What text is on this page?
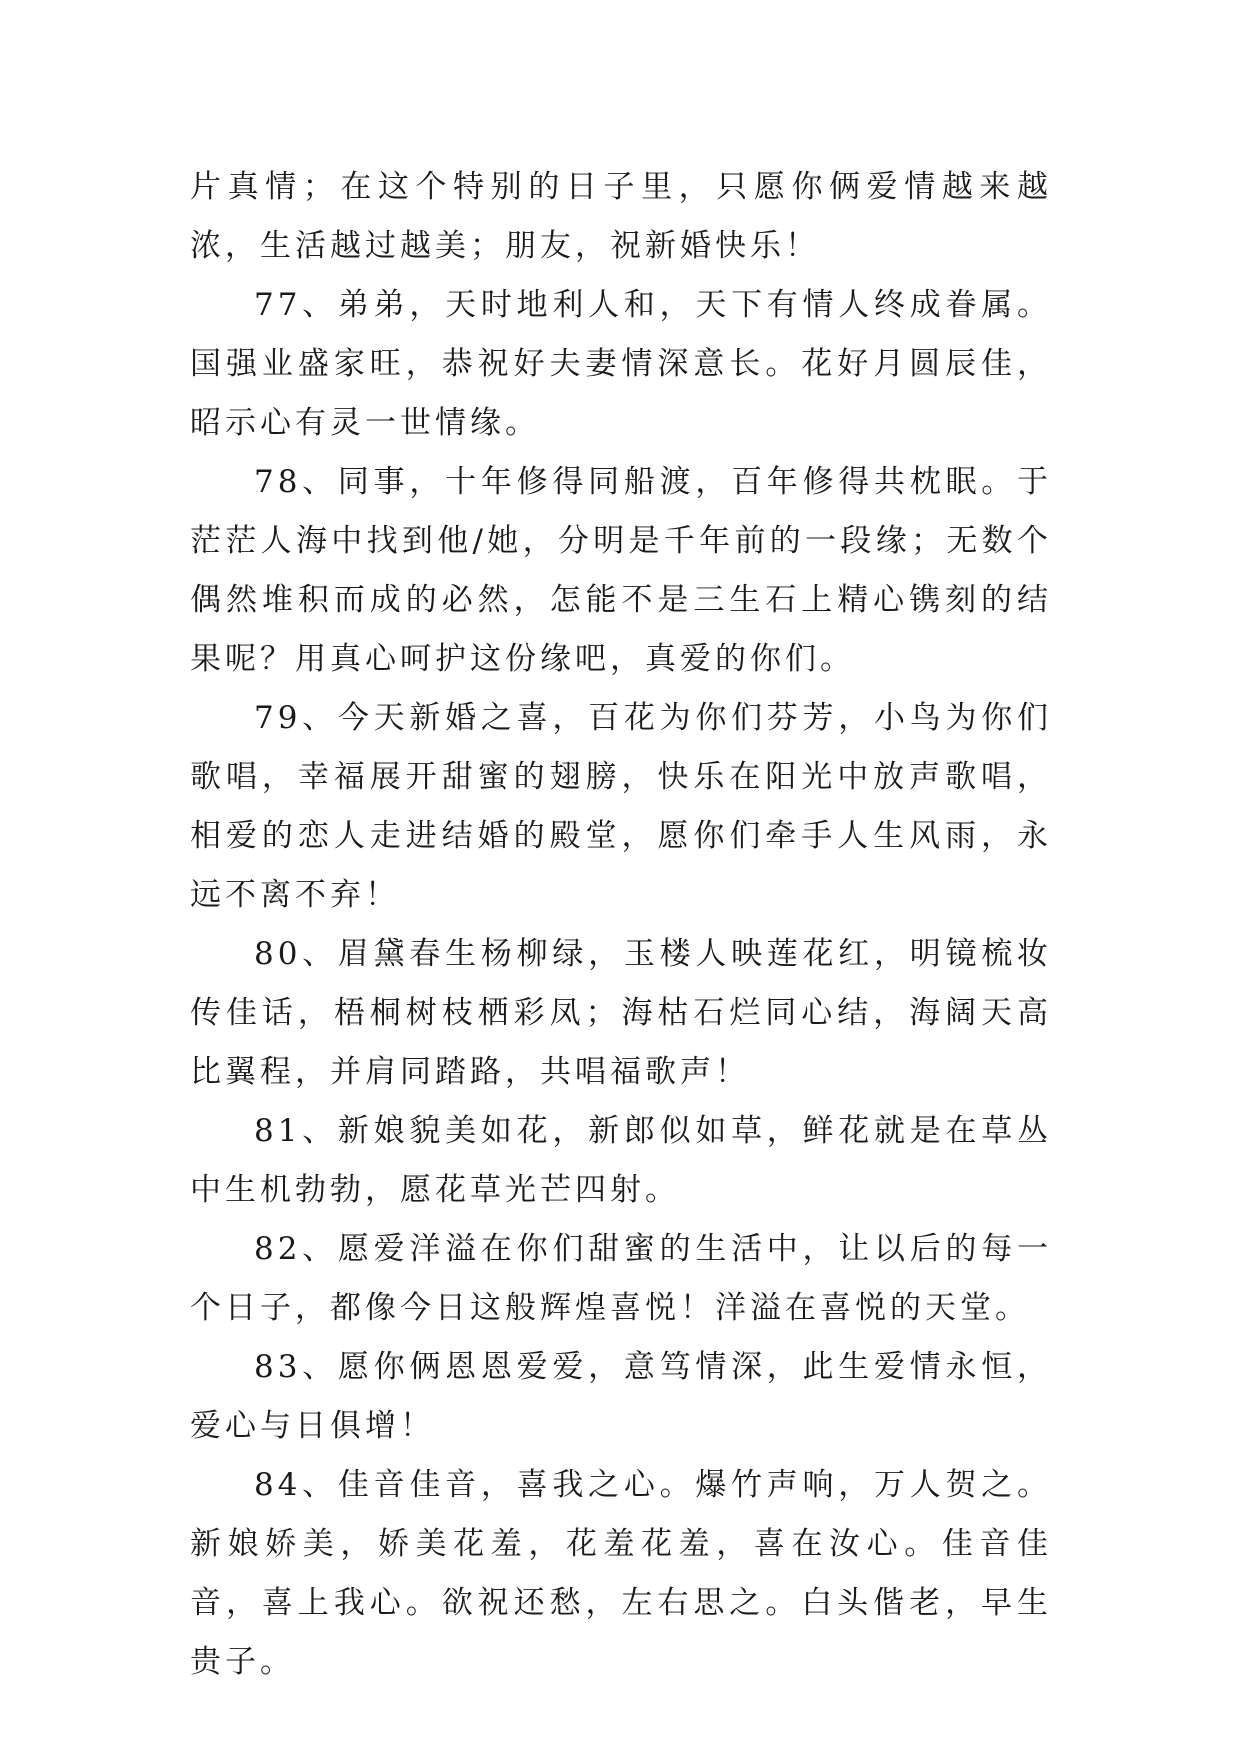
片真情；在这个特别的日子里，只愿你俩爱情越来越浓，生活越过越美；朋友，祝新婚快乐！

77、弟弟，天时地利人和，天下有情人终成眷属。国强业盛家旺，恭祝好夫妻情深意长。花好月圆辰佳，昭示心有灵一世情缘。

78、同事，十年修得同船渡，百年修得共枕眠。于茫茫人海中找到他/她，分明是千年前的一段缘；无数个偶然堆积而成的必然，怎能不是三生石上精心镌刻的结果呢？用真心呵护这份缘吧，真爱的你们。

79、今天新婚之喜，百花为你们芬芳，小鸟为你们歌唱，幸福展开甜蜜的翅膀，快乐在阳光中放声歌唱，相爱的恋人走进结婚的殿堂，愿你们牵手人生风雨，永远不离不弃！

80、眉黛春生杨柳绿，玉楼人映莲花红，明镜梳妆传佳话，梧桐树枝栖彩凤；海枯石烂同心结，海阔天高比翼程，并肩同踏路，共唱福歌声！

81、新娘貌美如花，新郎似如草，鲜花就是在草丛中生机勃勃，愿花草光芒四射。

82、愿爱洋溢在你们甜蜜的生活中，让以后的每一个日子，都像今日这般辉煌喜悦！洋溢在喜悦的天堂。

83、愿你俩恩恩爱爱，意笃情深，此生爱情永恒，爱心与日俱增！

84、佳音佳音，喜我之心。爆竹声响，万人贺之。新娘娇美，娇美花羞，花羞花羞，喜在汝心。佳音佳音，喜上我心。欲祝还愁，左右思之。白头偕老，早生贵子。
